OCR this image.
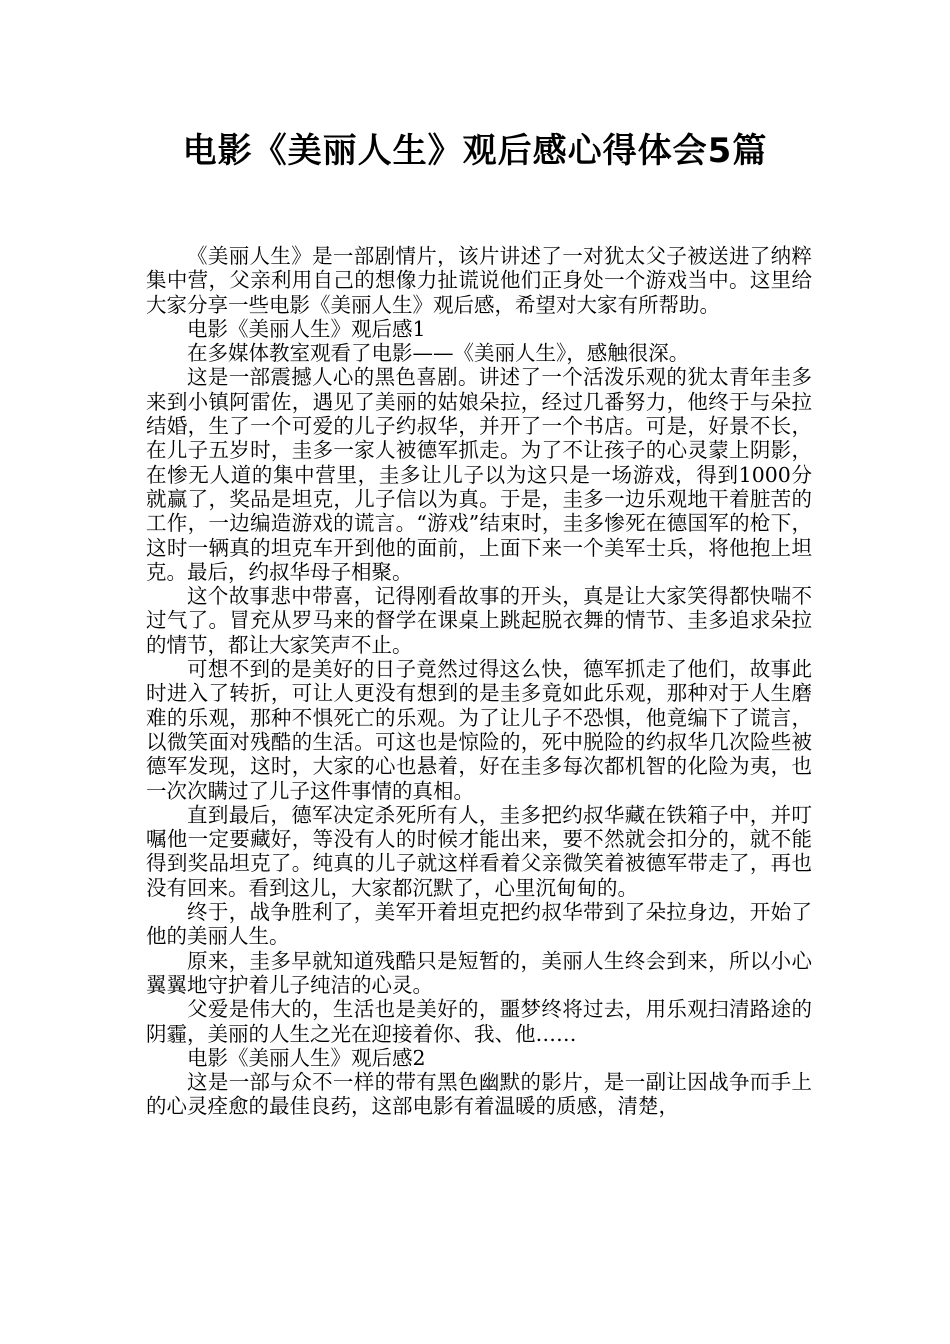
电影《美丽人生》观后感心得体会5篇

《美丽人生》是一部剧情片，该片讲述了一对犹太父子被送进了纳粹集中营，父亲利用自己的想像力扯谎说他们正身处一个游戏当中。这里给大家分享一些电影《美丽人生》观后感，希望对大家有所帮助。

电影《美丽人生》观后感1

在多媒体教室观看了电影——《美丽人生》，感触很深。

这是一部震撼人心的黑色喜剧。讲述了一个活泼乐观的犹太青年圭多来到小镇阿雷佐，遇见了美丽的姑娘朵拉，经过几番努力，他终于与朵拉结婚，生了一个可爱的儿子约叔华，并开了一个书店。可是，好景不长，在儿子五岁时，圭多一家人被德军抓走。为了不让孩子的心灵蒙上阴影，在惨无人道的集中营里，圭多让儿子以为这只是一场游戏，得到1000分就赢了，奖品是坦克，儿子信以为真。于是，圭多一边乐观地干着脏苦的工作，一边编造游戏的谎言。“游戏”结束时，圭多惨死在德国军的枪下，这时一辆真的坦克车开到他的面前，上面下来一个美军士兵，将他抱上坦克。最后，约叔华母子相聚。

这个故事悲中带喜，记得刚看故事的开头，真是让大家笑得都快喘不过气了。冒充从罗马来的督学在课桌上跳起脱衣舞的情节、圭多追求朵拉的情节，都让大家笑声不止。

可想不到的是美好的日子竟然过得这么快，德军抓走了他们，故事此时进入了转折，可让人更没有想到的是圭多竟如此乐观，那种对于人生磨难的乐观，那种不惧死亡的乐观。为了让儿子不恐惧，他竟编下了谎言，以微笑面对残酷的生活。可这也是惊险的，死中脱险的约叔华几次险些被德军发现，这时，大家的心也悬着，好在圭多每次都机智的化险为夷，也一次次瞒过了儿子这件事情的真相。

直到最后，德军决定杀死所有人，圭多把约叔华藏在铁箱子中，并叮嘱他一定要藏好，等没有人的时候才能出来，要不然就会扣分的，就不能得到奖品坦克了。纯真的儿子就这样看着父亲微笑着被德军带走了，再也没有回来。看到这儿，大家都沉默了，心里沉甸甸的。

终于，战争胜利了，美军开着坦克把约叔华带到了朵拉身边，开始了他的美丽人生。

原来，圭多早就知道残酷只是短暂的，美丽人生终会到来，所以小心翼翼地守护着儿子纯洁的心灵。

父爱是伟大的，生活也是美好的，噩梦终将过去，用乐观扫清路途的阴霾，美丽的人生之光在迎接着你、我、他……

电影《美丽人生》观后感2

这是一部与众不一样的带有黑色幽默的影片，是一副让因战争而手上的心灵痊愈的最佳良药，这部电影有着温暖的质感，清楚，
